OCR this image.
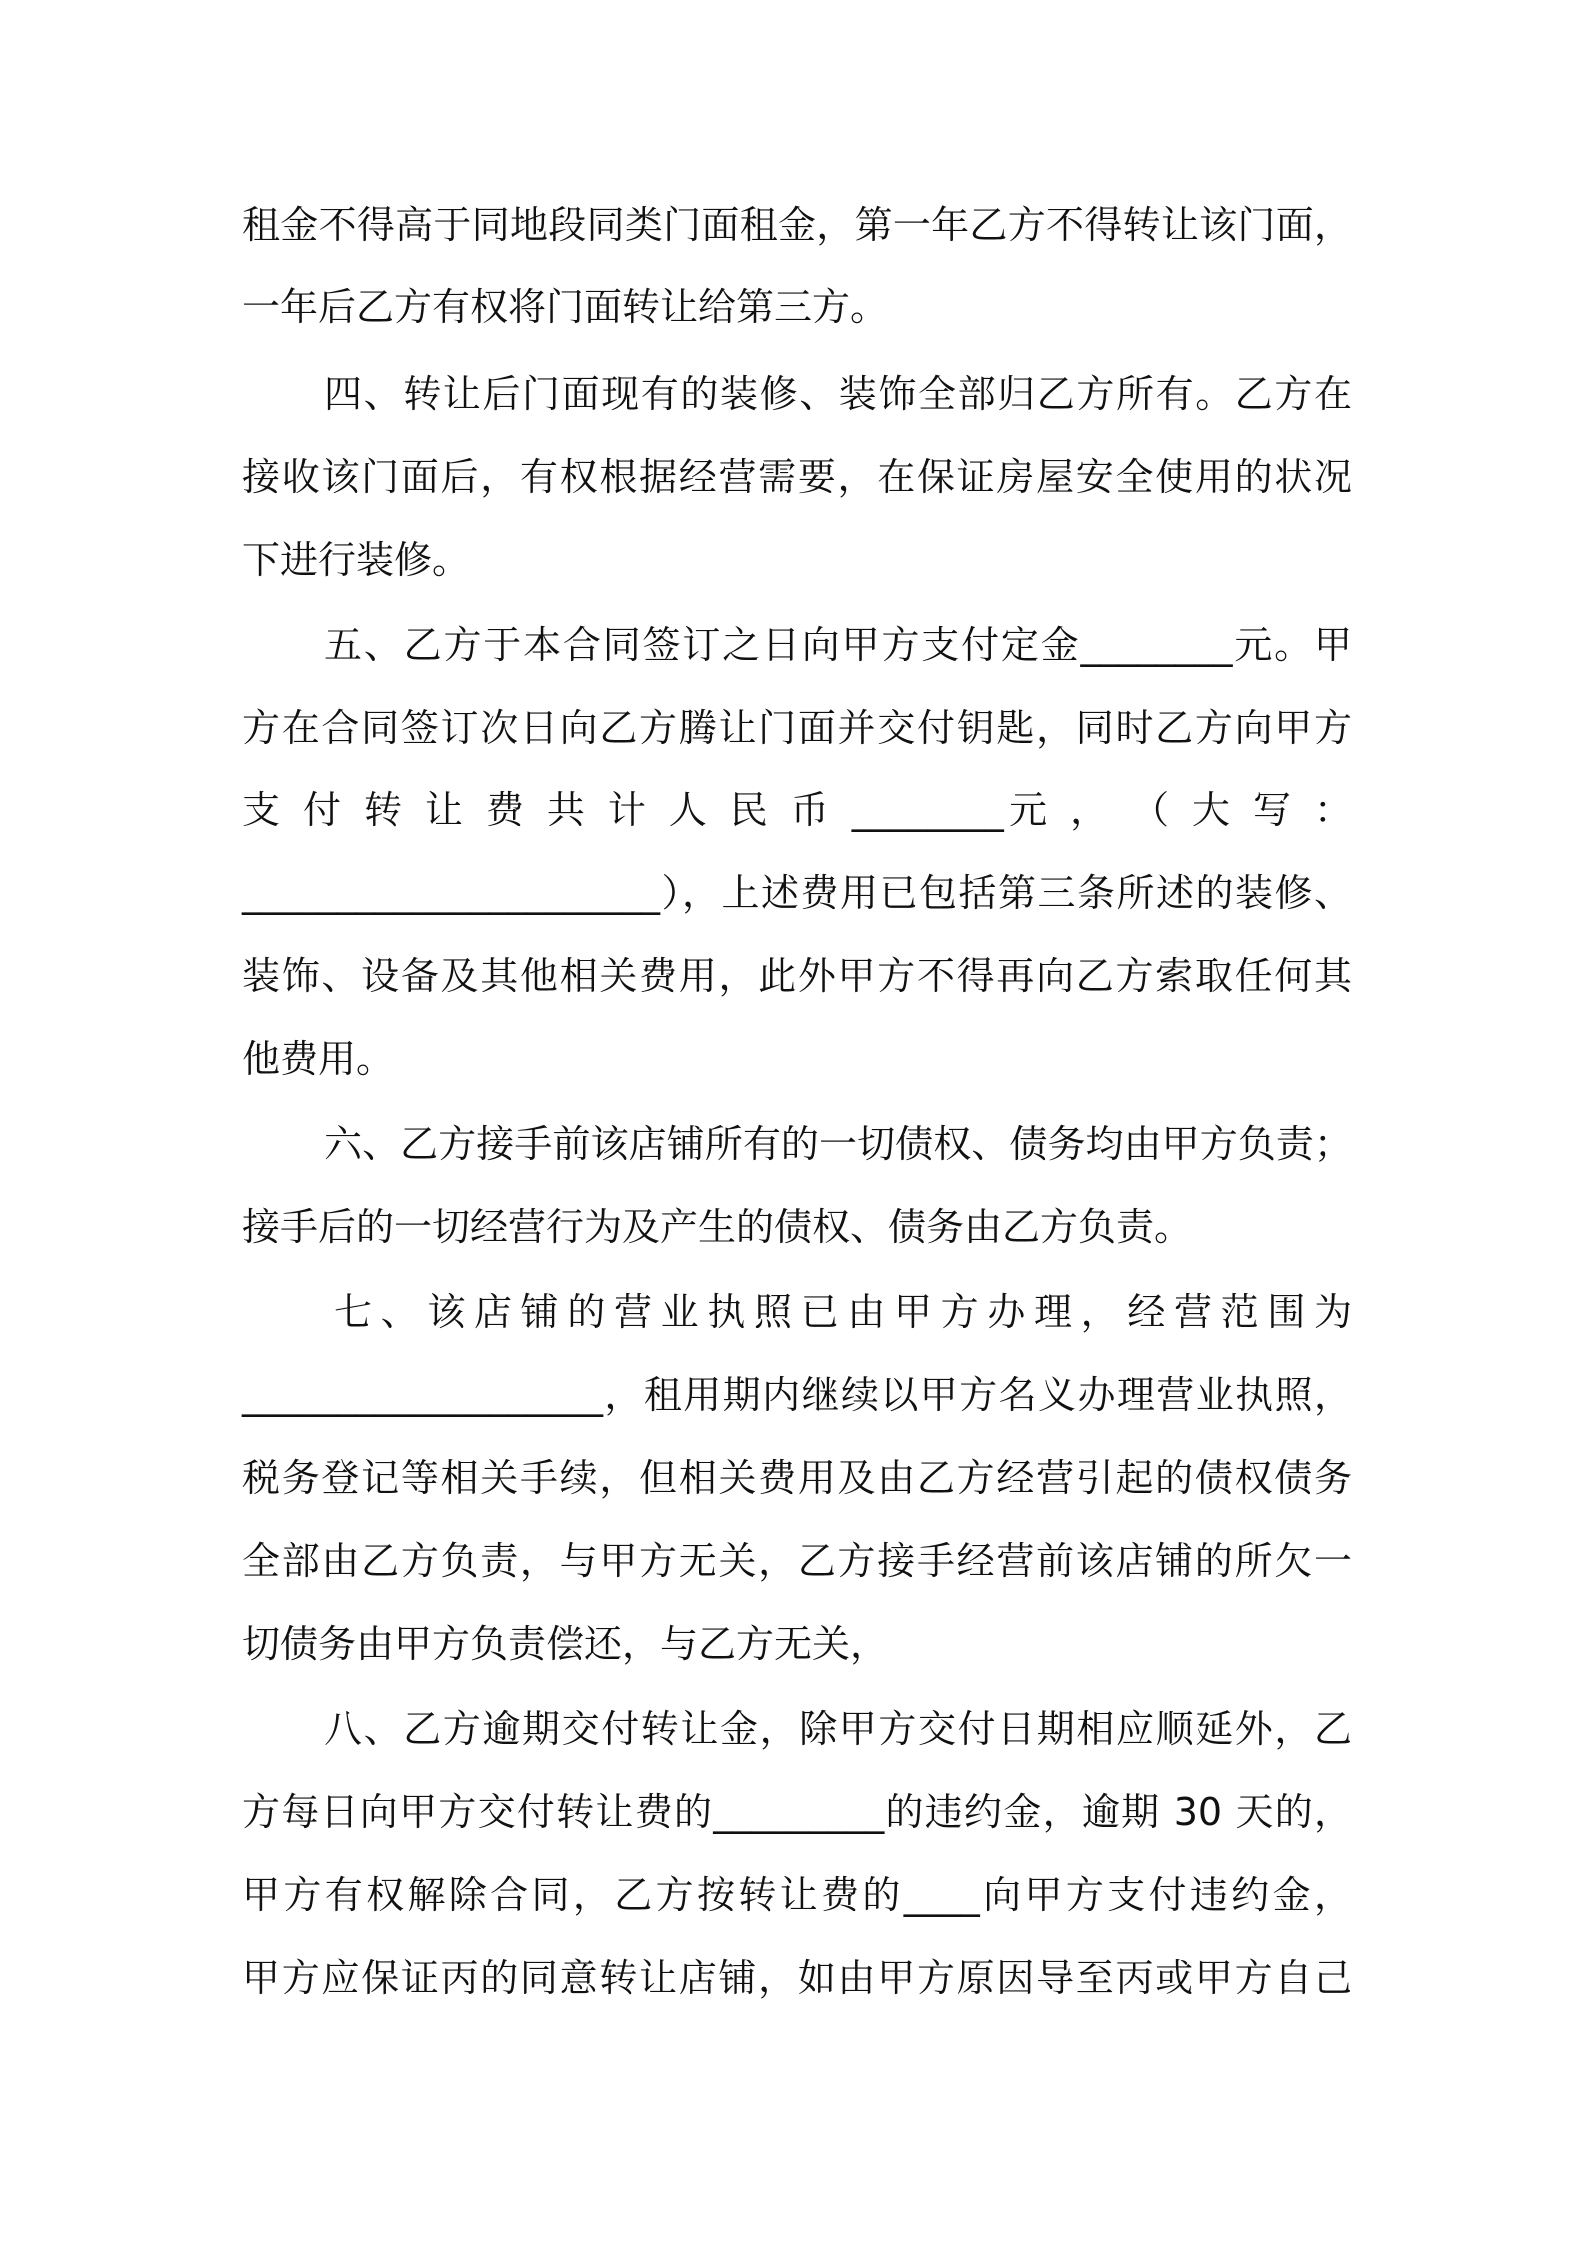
租金不得高于同地段同类门面租金，第一年乙方不得转让该门面，
一年后乙方有权将门面转让给第三方。
四、转让后门面现有的装修、装饰全部归乙方所有。乙方在
接收该门面后，有权根据经营需要，在保证房屋安全使用的状况
下进行装修。
五、乙方于本合同签订之日向甲方支付定金________元。甲
方在合同签订次日向乙方腾让门面并交付钥匙，同时乙方向甲方
支 付 转 让 费 共 计 人 民 币 ________元 ， （ 大 写 ：
______________________），上述费用已包括第三条所述的装修、
装饰、设备及其他相关费用，此外甲方不得再向乙方索取任何其
他费用。
六、乙方接手前该店铺所有的一切债权、债务均由甲方负责；
接手后的一切经营行为及产生的债权、债务由乙方负责。
七、该店铺的营业执照已由甲方办理，经营范围为
___________________，租用期内继续以甲方名义办理营业执照，
税务登记等相关手续，但相关费用及由乙方经营引起的债权债务
全部由乙方负责，与甲方无关，乙方接手经营前该店铺的所欠一
切债务由甲方负责偿还，与乙方无关，
八、乙方逾期交付转让金，除甲方交付日期相应顺延外，乙
方每日向甲方交付转让费的_________的违约金，逾期 30 天的，
甲方有权解除合同，乙方按转让费的____向甲方支付违约金，
甲方应保证丙的同意转让店铺，如由甲方原因导至丙或甲方自己
